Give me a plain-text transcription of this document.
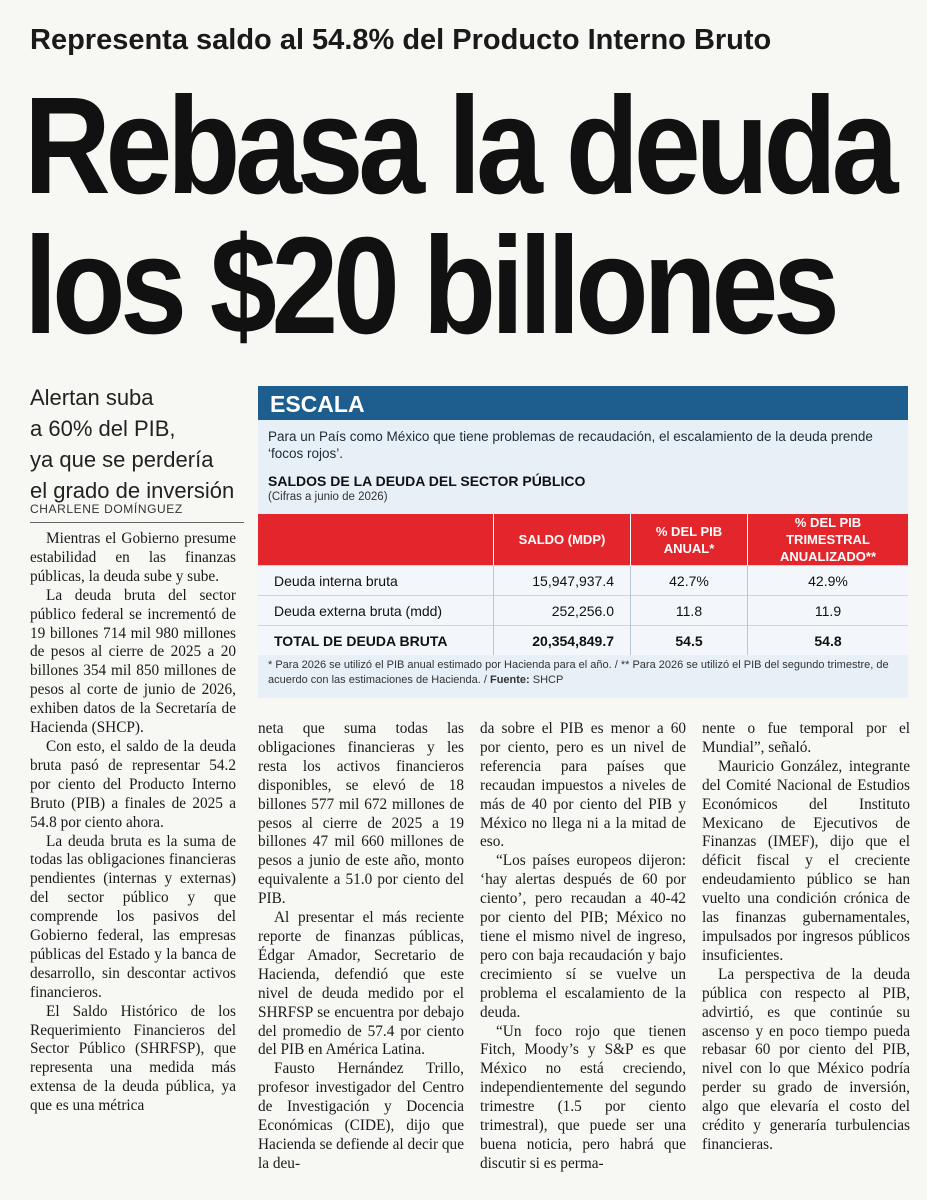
Representa saldo al 54.8% del Producto Interno Bruto
Rebasa la deuda
los $20 billones
Alertan suba
a 60% del PIB,
ya que se perdería
el grado de inversión
CHARLENE DOMÍNGUEZ
ESCALA
Para un País como México que tiene problemas de recaudación, el escalamiento de la deuda prende ‘focos rojos’.
SALDOS DE LA DEUDA DEL SECTOR PÚBLICO
(Cifras a junio de 2026)
	SALDO (MDP)	% DEL PIB ANUAL*	% DEL PIB TRIMESTRAL ANUALIZADO**
Deuda interna bruta	15,947,937.4	42.7%	42.9%
Deuda externa bruta (mdd)	252,256.0	11.8	11.9
TOTAL DE DEUDA BRUTA	20,354,849.7	54.5	54.8
* Para 2026 se utilizó el PIB anual estimado por Hacienda para el año. / ** Para 2026 se utilizó el PIB del segundo trimestre, de acuerdo con las estimaciones de Hacienda. / Fuente: SHCP

Mientras el Gobierno presume estabilidad en las finanzas públicas, la deuda sube y sube.

La deuda bruta del sector público federal se incrementó de 19 billones 714 mil 980 millones de pesos al cierre de 2025 a 20 billones 354 mil 850 millones de pesos al corte de junio de 2026, exhiben datos de la Secretaría de Hacienda (SHCP).

Con esto, el saldo de la deuda bruta pasó de representar 54.2 por ciento del Producto Interno Bruto (PIB) a finales de 2025 a 54.8 por ciento ahora.

La deuda bruta es la suma de todas las obligaciones financieras pendientes (internas y externas) del sector público y que comprende los pasivos del Gobierno federal, las empresas públicas del Estado y la banca de desarrollo, sin descontar activos financieros.

El Saldo Histórico de los Requerimiento Financieros del Sector Público (SHRFSP), que representa una medida más extensa de la deuda pública, ya que es una métrica

neta que suma todas las obligaciones financieras y les resta los activos financieros disponibles, se elevó de 18 billones 577 mil 672 millones de pesos al cierre de 2025 a 19 billones 47 mil 660 millones de pesos a junio de este año, monto equivalente a 51.0 por ciento del PIB.

Al presentar el más reciente reporte de finanzas públicas, Édgar Amador, Secretario de Hacienda, defendió que este nivel de deuda medido por el SHRFSP se encuentra por debajo del promedio de 57.4 por ciento del PIB en América Latina.

Fausto Hernández Trillo, profesor investigador del Centro de Investigación y Docencia Económicas (CIDE), dijo que Hacienda se defiende al decir que la deu-

da sobre el PIB es menor a 60 por ciento, pero es un nivel de referencia para países que recaudan impuestos a niveles de más de 40 por ciento del PIB y México no llega ni a la mitad de eso.

“Los países europeos dijeron: ‘hay alertas después de 60 por ciento’, pero recaudan a 40-42 por ciento del PIB; México no tiene el mismo nivel de ingreso, pero con baja recaudación y bajo crecimiento sí se vuelve un problema el escalamiento de la deuda.

“Un foco rojo que tienen Fitch, Moody’s y S&P es que México no está creciendo, independientemente del segundo trimestre (1.5 por ciento trimestral), que puede ser una buena noticia, pero habrá que discutir si es perma-

nente o fue temporal por el Mundial”, señaló.

Mauricio González, integrante del Comité Nacional de Estudios Económicos del Instituto Mexicano de Ejecutivos de Finanzas (IMEF), dijo que el déficit fiscal y el creciente endeudamiento público se han vuelto una condición crónica de las finanzas gubernamentales, impulsados por ingresos públicos insuficientes.

La perspectiva de la deuda pública con respecto al PIB, advirtió, es que continúe su ascenso y en poco tiempo pueda rebasar 60 por ciento del PIB, nivel con lo que México podría perder su grado de inversión, algo que elevaría el costo del crédito y generaría turbulencias financieras.
